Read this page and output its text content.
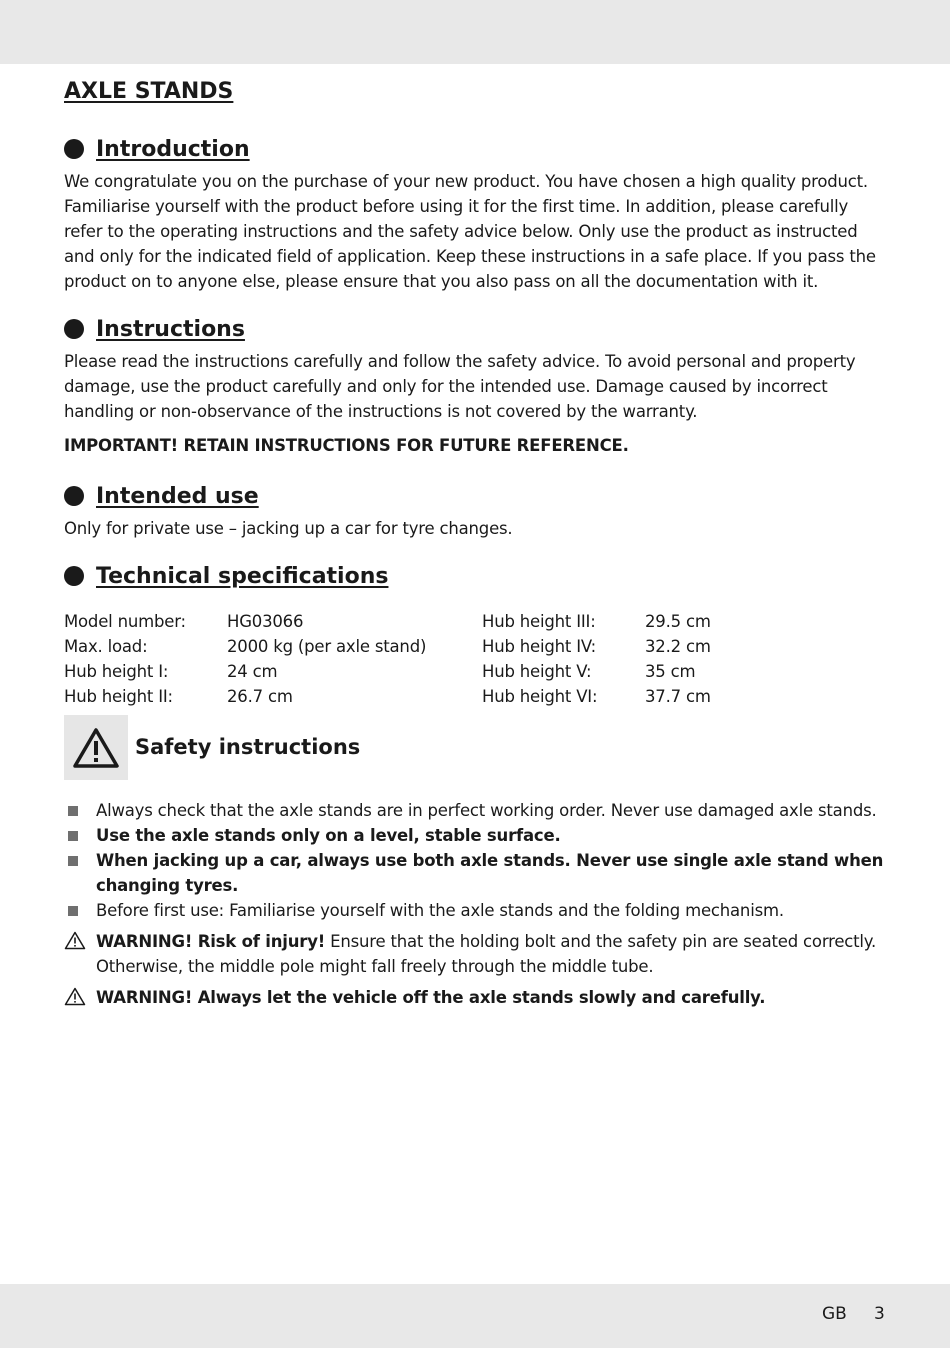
AXLE STANDS
Introduction

We congratulate you on the purchase of your new product. You have chosen a high quality product. Familiarise yourself with the product before using it for the first time. In addition, please carefully refer to the operating instructions and the safety advice below. Only use the product as instructed and only for the indicated field of application. Keep these instructions in a safe place. If you pass the product on to anyone else, please ensure that you also pass on all the documentation with it.

Instructions

Please read the instructions carefully and follow the safety advice. To avoid personal and property damage, use the product carefully and only for the intended use. Damage caused by incorrect handling or non-observance of the instructions is not covered by the warranty.

IMPORTANT! RETAIN INSTRUCTIONS FOR FUTURE REFERENCE.

Intended use

Only for private use – jacking up a car for tyre changes.

Technical specifications
Model number:
Max. load:
Hub height I:
Hub height II:
HG03066
2000 kg (per axle stand)
24 cm
26.7 cm
Hub height III:
Hub height IV:
Hub height V:
Hub height VI:
29.5 cm
32.2 cm
35 cm
37.7 cm
Safety instructions
Always check that the axle stands are in perfect working order. Never use damaged axle stands.
Use the axle stands only on a level, stable surface.
When jacking up a car, always use both axle stands. Never use single axle stand when changing tyres.
Before first use: Familiarise yourself with the axle stands and the folding mechanism.
WARNING! Risk of injury! Ensure that the holding bolt and the safety pin are seated correctly. Otherwise, the middle pole might fall freely through the middle tube.
WARNING! Always let the vehicle off the axle stands slowly and carefully.
GB 3
